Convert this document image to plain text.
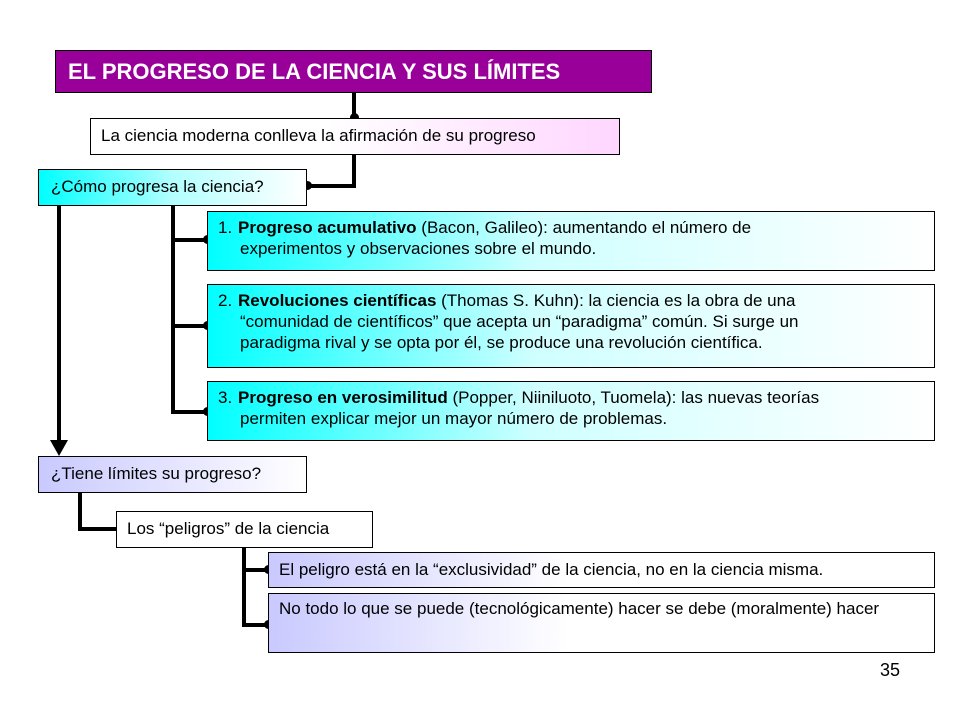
EL PROGRESO DE LA CIENCIA Y SUS LÍMITES
La ciencia moderna conlleva la afirmación de su progreso
¿Cómo progresa la ciencia?
1. Progreso acumulativo (Bacon, Galileo): aumentando el número de
experimentos y observaciones sobre el mundo.
2. Revoluciones científicas (Thomas S. Kuhn): la ciencia es la obra de una
“comunidad de científicos” que acepta un “paradigma” común. Si surge un
paradigma rival y se opta por él, se produce una revolución científica.
3. Progreso en verosimilitud (Popper, Niiniluoto, Tuomela): las nuevas teorías
permiten explicar mejor un mayor número de problemas.
¿Tiene límites su progreso?
Los “peligros” de la ciencia
El peligro está en la “exclusividad” de la ciencia, no en la ciencia misma.
No todo lo que se puede (tecnológicamente) hacer se debe (moralmente) hacer
35
